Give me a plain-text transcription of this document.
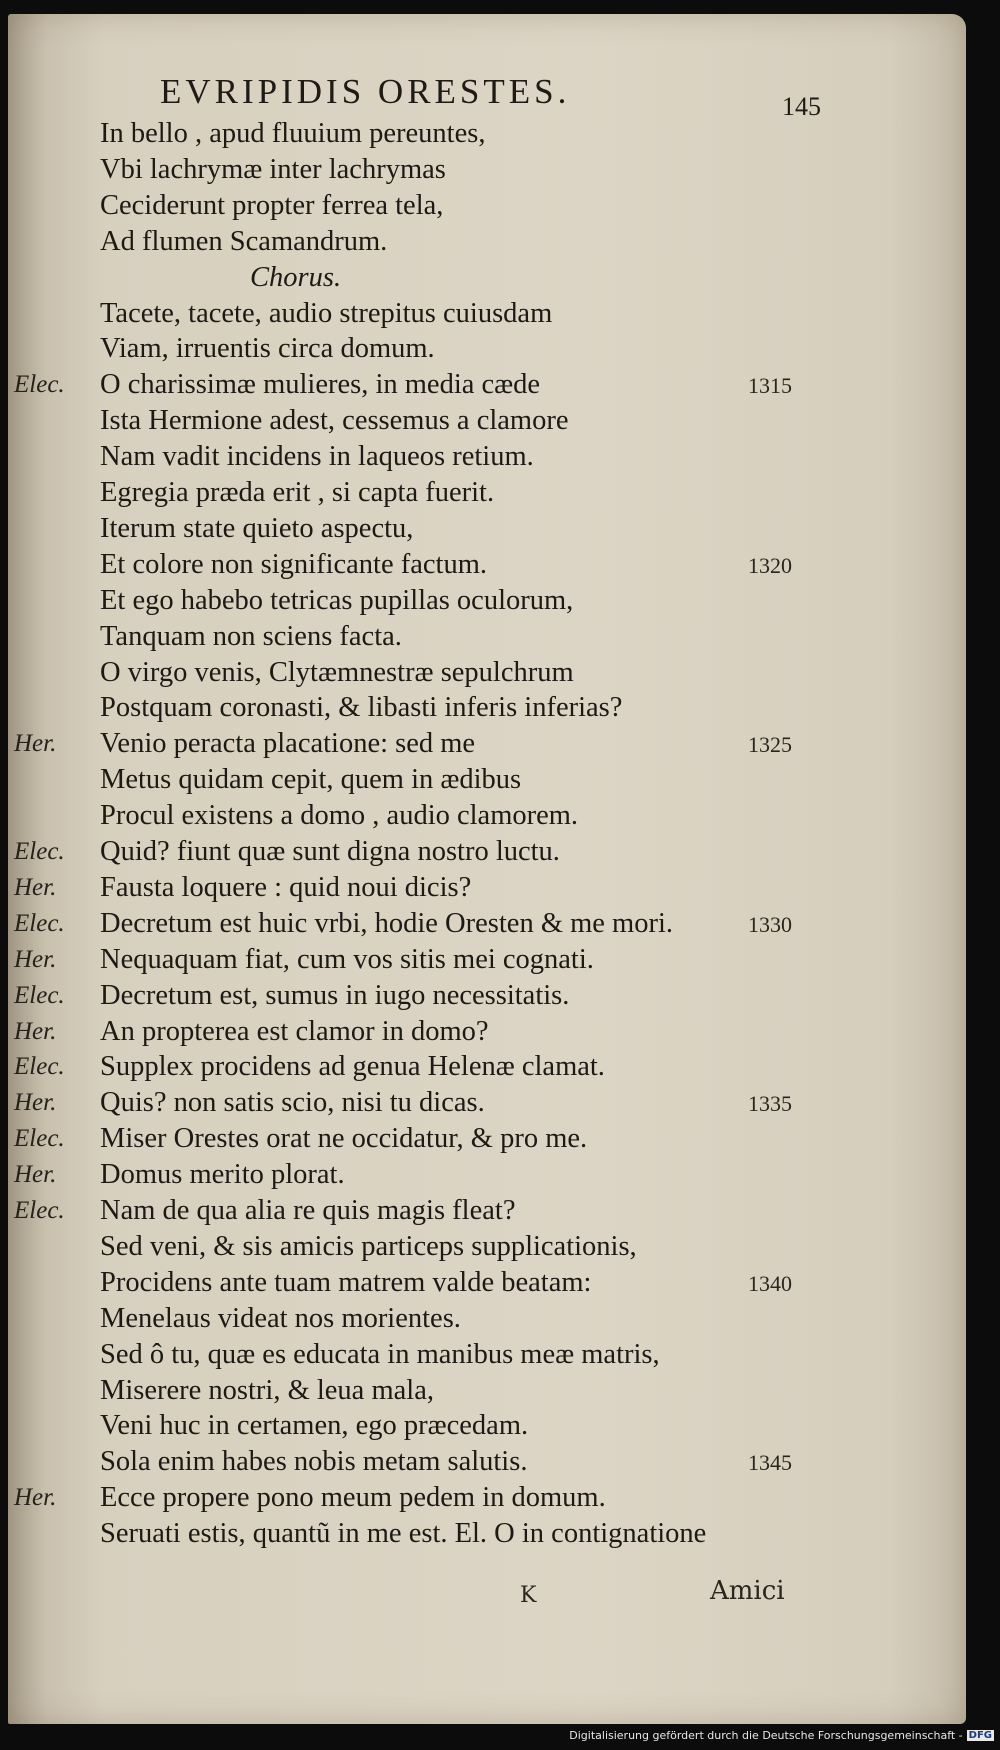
EVRIPIDIS ORESTES.	145
In bello , apud fluuium pereuntes,
Vbi lachrymæ inter lachrymas
Ceciderunt propter ferrea tela,
Ad flumen Scamandrum.
Chorus.
Tacete, tacete, audio strepitus cuiusdam
Viam, irruentis circa domum.
Elec. O charissimæ mulieres, in media cæde	1315
Ista Hermione adest, cessemus a clamore
Nam vadit incidens in laqueos retium.
Egregia præda erit , si capta fuerit.
Iterum state quieto aspectu,
Et colore non significante factum.	1320
Et ego habebo tetricas pupillas oculorum,
Tanquam non sciens facta.
O virgo venis, Clytæmnestræ sepulchrum
Postquam coronasti, & libasti inferis inferias?
Her. Venio peracta placatione: sed me	1325
Metus quidam cepit, quem in ædibus
Procul existens a domo , audio clamorem.
Elec. Quid? fiunt quæ sunt digna nostro luctu.
Her. Fausta loquere : quid noui dicis?
Elec. Decretum est huic vrbi, hodie Oresten & me mori.	1330
Her. Nequaquam fiat, cum vos sitis mei cognati.
Elec. Decretum est, sumus in iugo necessitatis.
Her. An propterea est clamor in domo?
Elec. Supplex procidens ad genua Helenæ clamat.
Her. Quis? non satis scio, nisi tu dicas.	1335
Elec. Miser Orestes orat ne occidatur, & pro me.
Her. Domus merito plorat.
Elec. Nam de qua alia re quis magis fleat?
Sed veni, & sis amicis particeps supplicationis,
Procidens ante tuam matrem valde beatam:	1340
Menelaus videat nos morientes.
Sed ô tu, quæ es educata in manibus meæ matris,
Miserere nostri, & leua mala,
Veni huc in certamen, ego præcedam.
Sola enim habes nobis metam salutis.	1345
Her. Ecce propere pono meum pedem in domum.
Seruati estis, quantũ in me est. El. O in contignatione
K	Amici
Digitalisierung gefördert durch die Deutsche Forschungsgemeinschaft - DFG
